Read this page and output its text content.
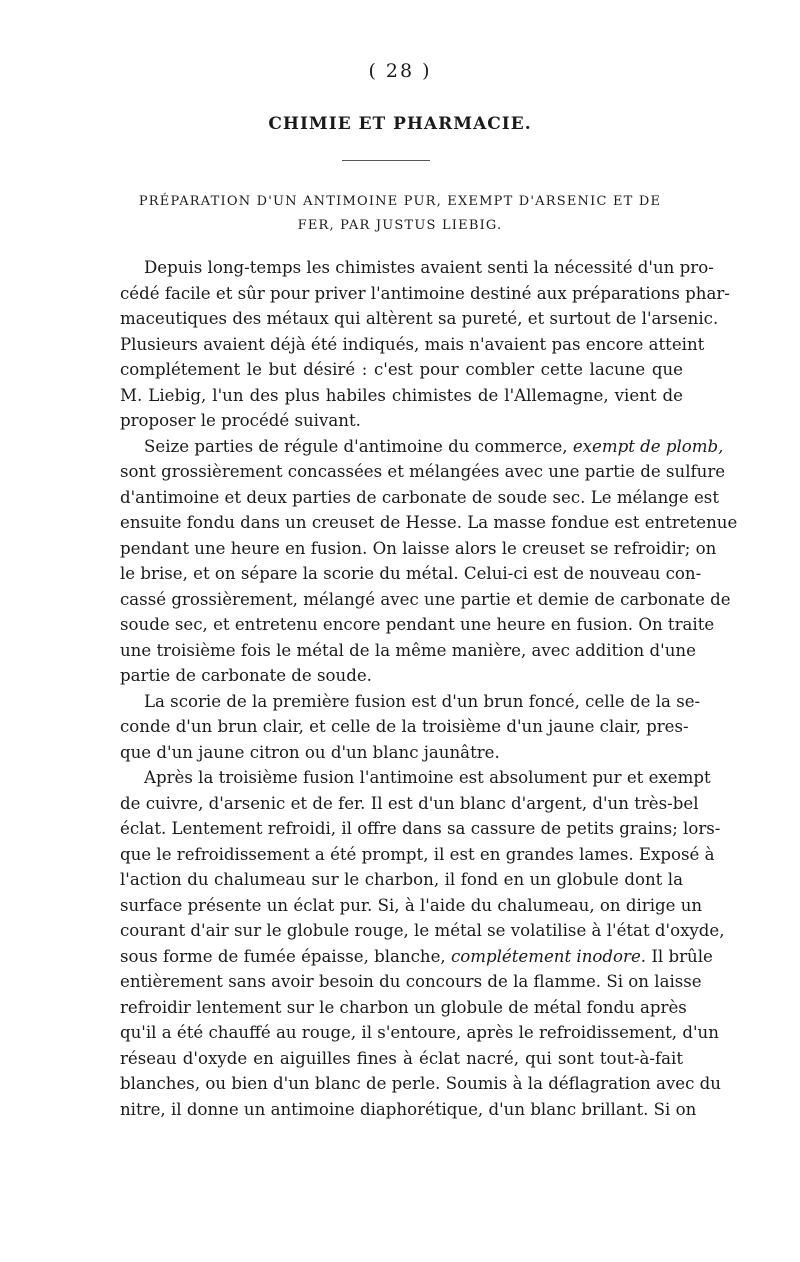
( 28 )
CHIMIE ET PHARMACIE.
PRÉPARATION D'UN ANTIMOINE PUR, EXEMPT D'ARSENIC ET DE
FER, PAR JUSTUS LIEBIG.
Depuis long-temps les chimistes avaient senti la nécessité d'un pro-
cédé facile et sûr pour priver l'antimoine destiné aux préparations phar-
maceutiques des métaux qui altèrent sa pureté, et surtout de l'arsenic.
Plusieurs avaient déjà été indiqués, mais n'avaient pas encore atteint
complétement le but désiré : c'est pour combler cette lacune que
M. Liebig, l'un des plus habiles chimistes de l'Allemagne, vient de
proposer le procédé suivant.
Seize parties de régule d'antimoine du commerce, exempt de plomb,
sont grossièrement concassées et mélangées avec une partie de sulfure
d'antimoine et deux parties de carbonate de soude sec. Le mélange est
ensuite fondu dans un creuset de Hesse. La masse fondue est entretenue
pendant une heure en fusion. On laisse alors le creuset se refroidir; on
le brise, et on sépare la scorie du métal. Celui-ci est de nouveau con-
cassé grossièrement, mélangé avec une partie et demie de carbonate de
soude sec, et entretenu encore pendant une heure en fusion. On traite
une troisième fois le métal de la même manière, avec addition d'une
partie de carbonate de soude.
La scorie de la première fusion est d'un brun foncé, celle de la se-
conde d'un brun clair, et celle de la troisième d'un jaune clair, pres-
que d'un jaune citron ou d'un blanc jaunâtre.
Après la troisième fusion l'antimoine est absolument pur et exempt
de cuivre, d'arsenic et de fer. Il est d'un blanc d'argent, d'un très-bel
éclat. Lentement refroidi, il offre dans sa cassure de petits grains; lors-
que le refroidissement a été prompt, il est en grandes lames. Exposé à
l'action du chalumeau sur le charbon, il fond en un globule dont la
surface présente un éclat pur. Si, à l'aide du chalumeau, on dirige un
courant d'air sur le globule rouge, le métal se volatilise à l'état d'oxyde,
sous forme de fumée épaisse, blanche, complétement inodore. Il brûle
entièrement sans avoir besoin du concours de la flamme. Si on laisse
refroidir lentement sur le charbon un globule de métal fondu après
qu'il a été chauffé au rouge, il s'entoure, après le refroidissement, d'un
réseau d'oxyde en aiguilles fines à éclat nacré, qui sont tout-à-fait
blanches, ou bien d'un blanc de perle. Soumis à la déflagration avec du
nitre, il donne un antimoine diaphorétique, d'un blanc brillant. Si on
